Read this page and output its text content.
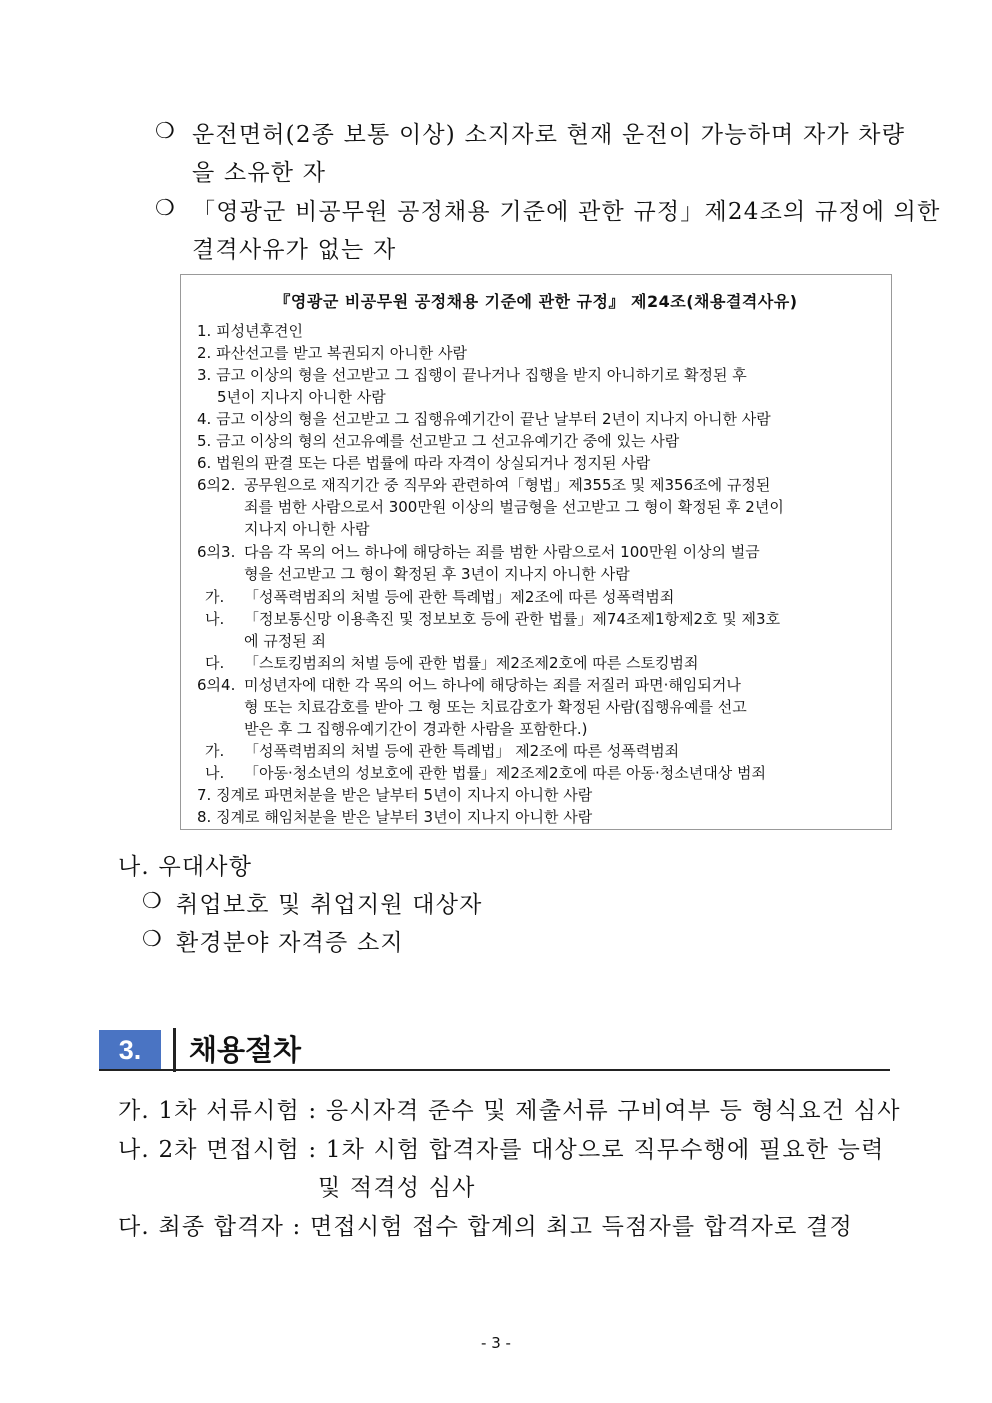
❍ 운전면허(2종 보통 이상) 소지자로 현재 운전이 가능하며 자가 차량
을 소유한 자
❍ 「영광군 비공무원 공정채용 기준에 관한 규정」제24조의 규정에 의한
결격사유가 없는 자
『영광군 비공무원 공정채용 기준에 관한 규정』 제24조(채용결격사유)
1. 피성년후견인
2. 파산선고를 받고 복권되지 아니한 사람
3. 금고 이상의 형을 선고받고 그 집행이 끝나거나 집행을 받지 아니하기로 확정된 후
5년이 지나지 아니한 사람
4. 금고 이상의 형을 선고받고 그 집행유예기간이 끝난 날부터 2년이 지나지 아니한 사람
5. 금고 이상의 형의 선고유예를 선고받고 그 선고유예기간 중에 있는 사람
6. 법원의 판결 또는 다른 법률에 따라 자격이 상실되거나 정지된 사람
6의2. 공무원으로 재직기간 중 직무와 관련하여「형법」제355조 및 제356조에 규정된
죄를 범한 사람으로서 300만원 이상의 벌금형을 선고받고 그 형이 확정된 후 2년이
지나지 아니한 사람
6의3. 다음 각 목의 어느 하나에 해당하는 죄를 범한 사람으로서 100만원 이상의 벌금
형을 선고받고 그 형이 확정된 후 3년이 지나지 아니한 사람
가. 「성폭력범죄의 처벌 등에 관한 특례법」제2조에 따른 성폭력범죄
나. 「정보통신망 이용촉진 및 정보보호 등에 관한 법률」제74조제1항제2호 및 제3호
에 규정된 죄
다. 「스토킹범죄의 처벌 등에 관한 법률」제2조제2호에 따른 스토킹범죄
6의4. 미성년자에 대한 각 목의 어느 하나에 해당하는 죄를 저질러 파면·해임되거나
형 또는 치료감호를 받아 그 형 또는 치료감호가 확정된 사람(집행유예를 선고
받은 후 그 집행유예기간이 경과한 사람을 포함한다.)
가. 「성폭력범죄의 처벌 등에 관한 특례법」 제2조에 따른 성폭력범죄
나. 「아동·청소년의 성보호에 관한 법률」제2조제2호에 따른 아동·청소년대상 범죄
7. 징계로 파면처분을 받은 날부터 5년이 지나지 아니한 사람
8. 징계로 해임처분을 받은 날부터 3년이 지나지 아니한 사람
나. 우대사항
❍ 취업보호 및 취업지원 대상자
❍ 환경분야 자격증 소지
3.	채용절차
가. 1차 서류시험 : 응시자격 준수 및 제출서류 구비여부 등 형식요건 심사
나. 2차 면접시험 : 1차 시험 합격자를 대상으로 직무수행에 필요한 능력
및 적격성 심사
다. 최종 합격자 : 면접시험 접수 합계의 최고 득점자를 합격자로 결정
- 3 -
